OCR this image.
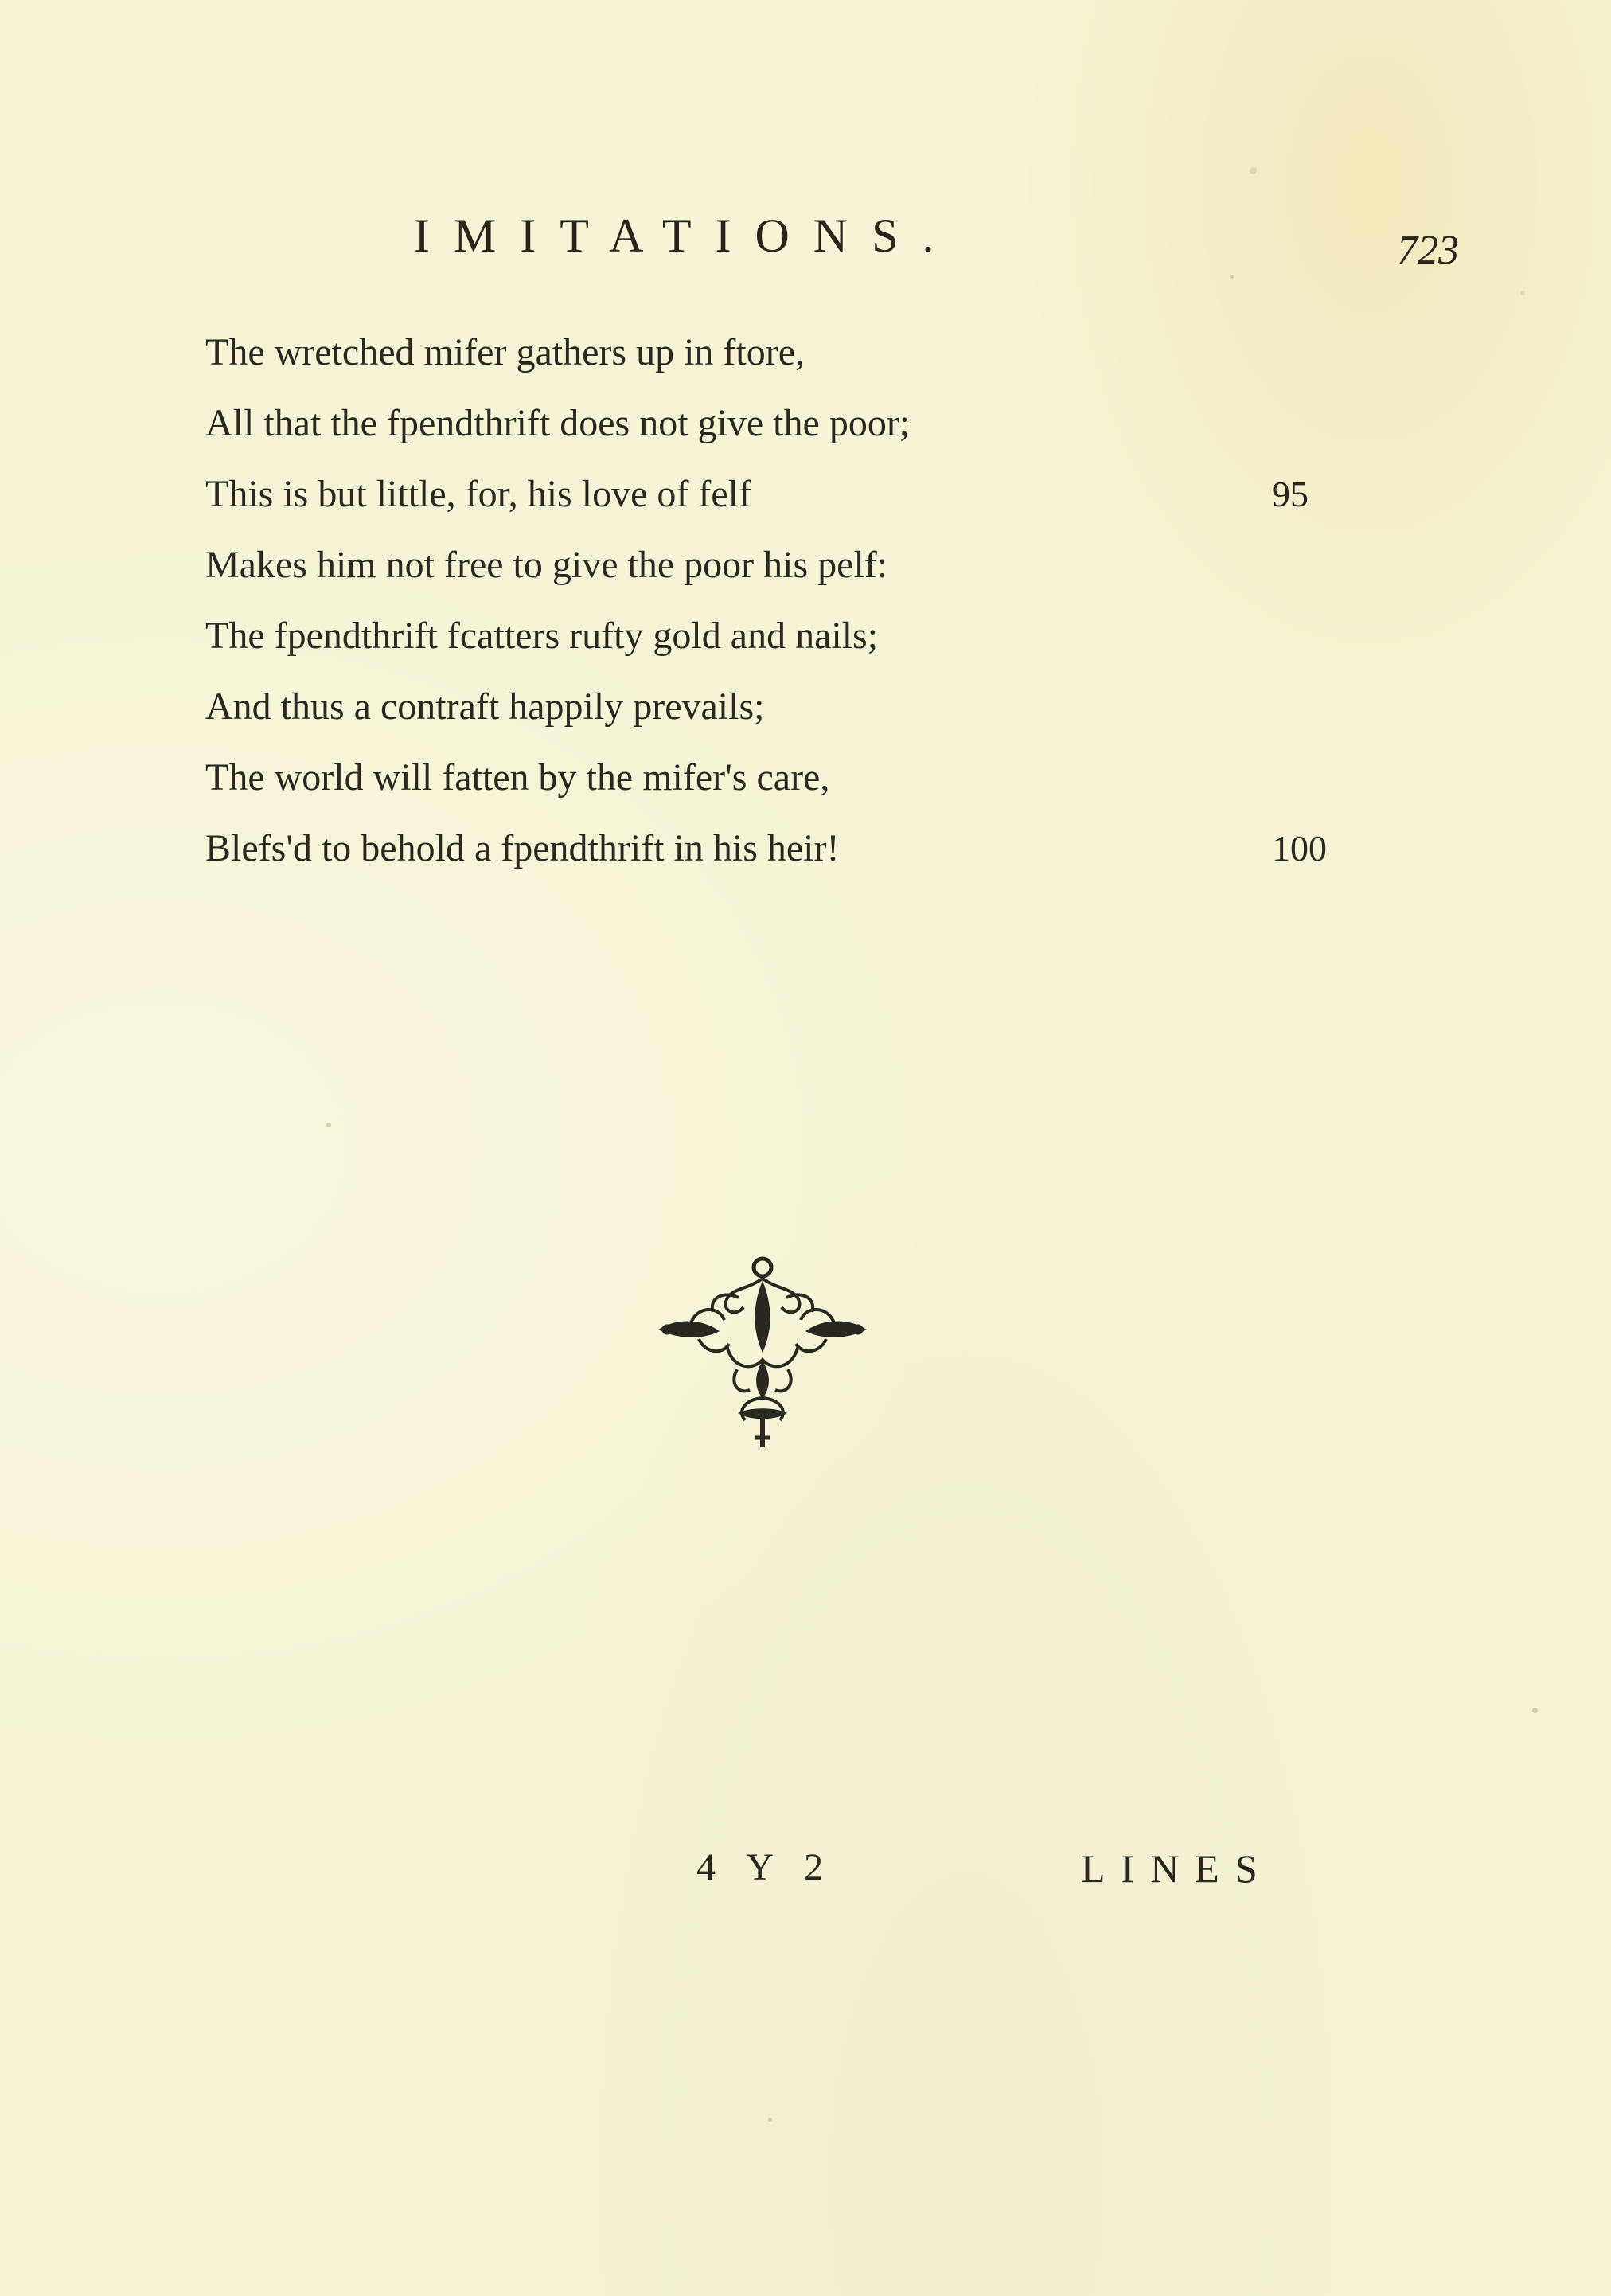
IMITATIONS.	723
The wretched mifer gathers up in ftore,
All that the fpendthrift does not give the poor;
This is but little, for, his love of felf	95
Makes him not free to give the poor his pelf:
The fpendthrift fcatters rufty gold and nails;
And thus a contraft happily prevails;
The world will fatten by the mifer's care,
Blefs'd to behold a fpendthrift in his heir!	100
4 Y 2	LINES
